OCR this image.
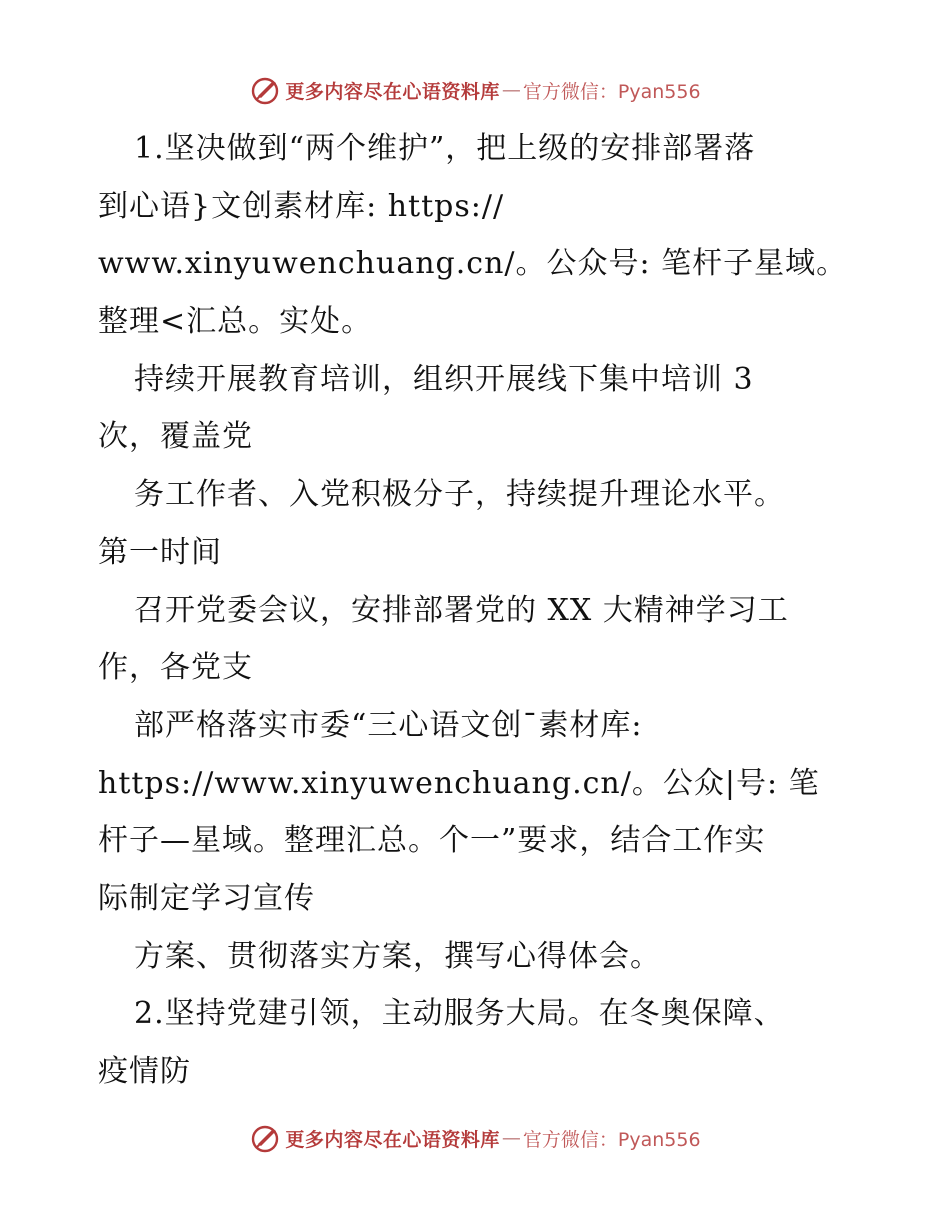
更多内容尽在心语资料库 — 官方微信：Pyan556
1.坚决做到“两个维护”，把上级的安排部署落
到心语}文创素材库: https://
www.xinyuwenchuang.cn/。公众号: 笔杆子星域。
整理<汇总。实处。
持续开展教育培训，组织开展线下集中培训 3
次，覆盖党
务工作者、入党积极分子，持续提升理论水平。
第一时间
召开党委会议，安排部署党的 XX 大精神学习工
作，各党支
部严格落实市委“三心语文创¯素材库:
https://www.xinyuwenchuang.cn/。公众|号: 笔
杆子—星域。整理汇总。个一”要求，结合工作实
际制定学习宣传
方案、贯彻落实方案，撰写心得体会。
2.坚持党建引领，主动服务大局。在冬奥保障、
疫情防
更多内容尽在心语资料库 — 官方微信：Pyan556
